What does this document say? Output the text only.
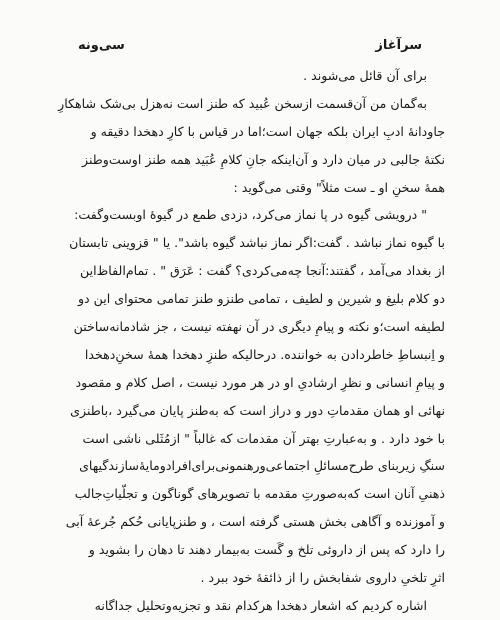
سی‌ونه	سرآغاز
برای آن قائل می‌شوند .
به‌گمان من آن‌قسمت از‌سخن عُبید که طنز است نه‌هزل بی‌شک شاهکارِ
جاودانهٔ ادبِ ایران بلکه جهان است؛اما در قیاس با کارِ دهخدا دقیقه و
نکتهٔ جالبی در میان دارد و آن‌اینکه جانِ کلامِ عُبَید همه طنز اوست‌وطنز
همهٔ سخنِ او ـ ست مثلاً" وقتی می‌گوید :
" درویشی گیوه در پا نماز می‌کرد، دزدی طمع در گیوهٔ اوبست‌وگفت:
با گیوه نماز نباشد . گفت:اگر نماز نباشد گیوه باشد". یا " قزوینی تابستان
از بغداد می‌آمد ، گفتند:آنجا چه‌می‌کردی؟ گفت : عَرَق " . تمام‌الفاظ‌این
دو کلام بلیغ و شیرین و لطیف ، تمامی طنز‌و طنز تمامی محتوای این دو
لطیفه است؛و نکته و پیامِ دیگری در آن نهفته نیست ، جز شادمانه‌ساختن
و اِنبساطِ خاطردادن به خواننده. درحالیکه طنزِ دهخدا همهٔ سخنِ‌دهخدا
و پیامِ انسانی و نظرِ ارشادیِ او در هر مورد نیست ، اصل کلام و مقصود
نهائی او همان مقدماتِ دور و دراز است که به‌طنز پایان می‌گیرد ،باطنزی
با خود دارد . و به‌عبارتِ بهتر آن مقدمات که غالباً " از‌مُثَلی ناشی است
سنگِ زیربنای طرح‌مسائلِ اجتماعی‌ورهنمونی‌برای‌افرادو‌مایهٔ‌سازندگیهای
ذهنیِ آنان است که‌به‌صورتِ مقدمه با تصویرهای گوناگون و تجلّیاتِ‌جالب
و آموزنده و آگاهی بخش هستی گرفته است ، و طنز‌پایانی حُکم‌ جُرعهٔ آبی
را دارد که پس از داروئی تلخ و گَست به‌بیمار دهند تا دهان را بشوید و
اثرِ تلخیِ داروی شفابخش را از ذائقهٔ خود ببرد .
اشاره کردیم که اشعار دهخدا هرکدام نقد و تجزیه‌وتحلیل جداگانه
